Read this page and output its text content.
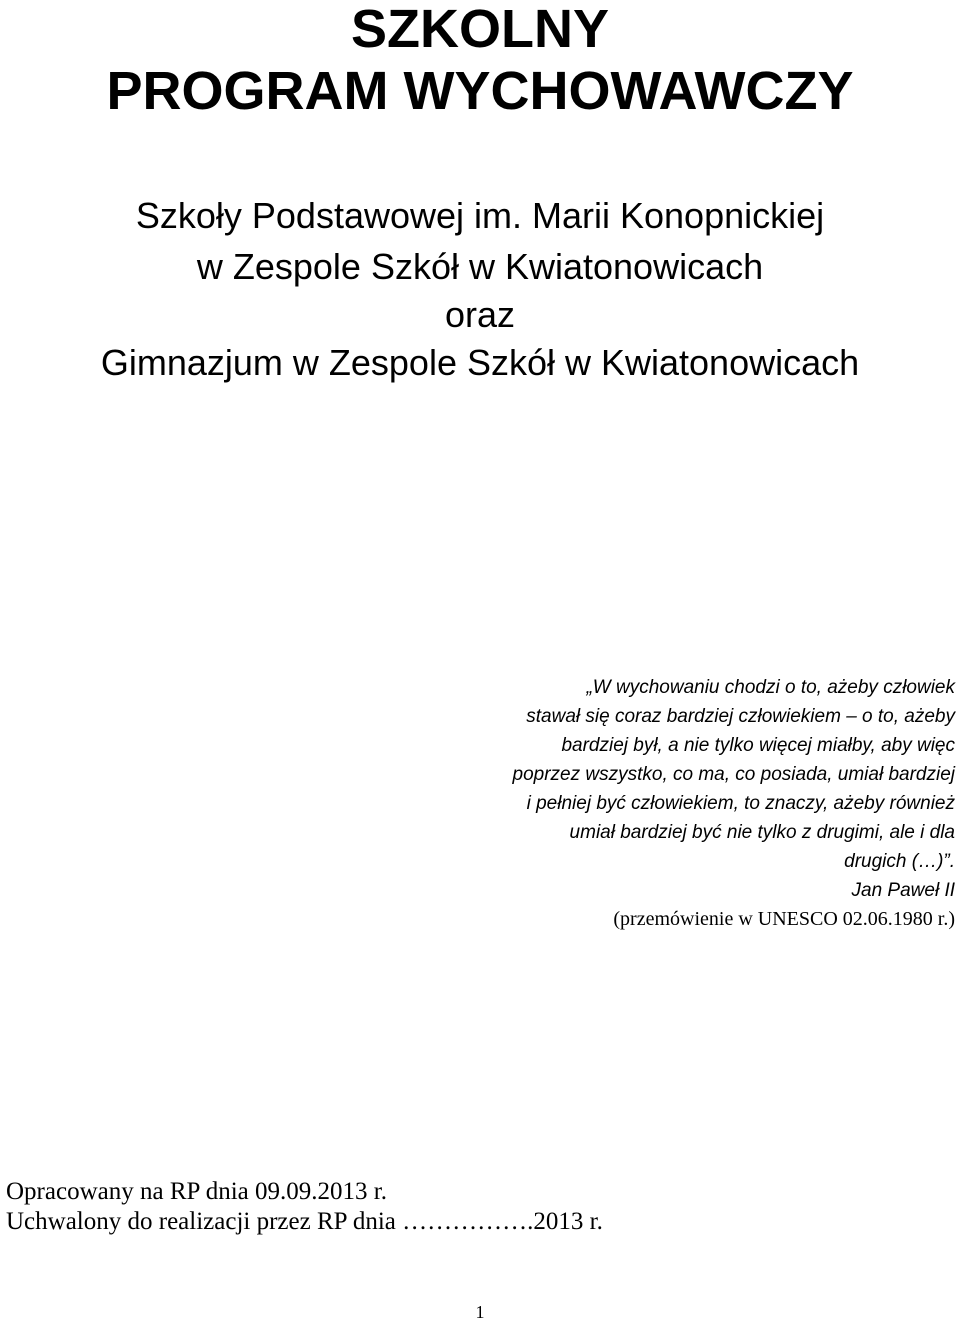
SZKOLNY
PROGRAM WYCHOWAWCZY
Szkoły Podstawowej im. Marii Konopnickiej
w Zespole Szkół w Kwiatonowicach
oraz
Gimnazjum w Zespole Szkół w Kwiatonowicach
„W wychowaniu chodzi o to, ażeby człowiek
stawał się coraz bardziej człowiekiem – o to, ażeby
bardziej był, a nie tylko więcej miałby, aby więc
poprzez wszystko, co ma, co posiada, umiał bardziej
i pełniej być człowiekiem, to znaczy, ażeby również
umiał bardziej być nie tylko z drugimi, ale i dla
drugich (…)”.
Jan Paweł II
(przemówienie w UNESCO 02.06.1980 r.)
Opracowany na RP dnia 09.09.2013 r.
Uchwalony do realizacji przez RP dnia …………….2013 r.
1
